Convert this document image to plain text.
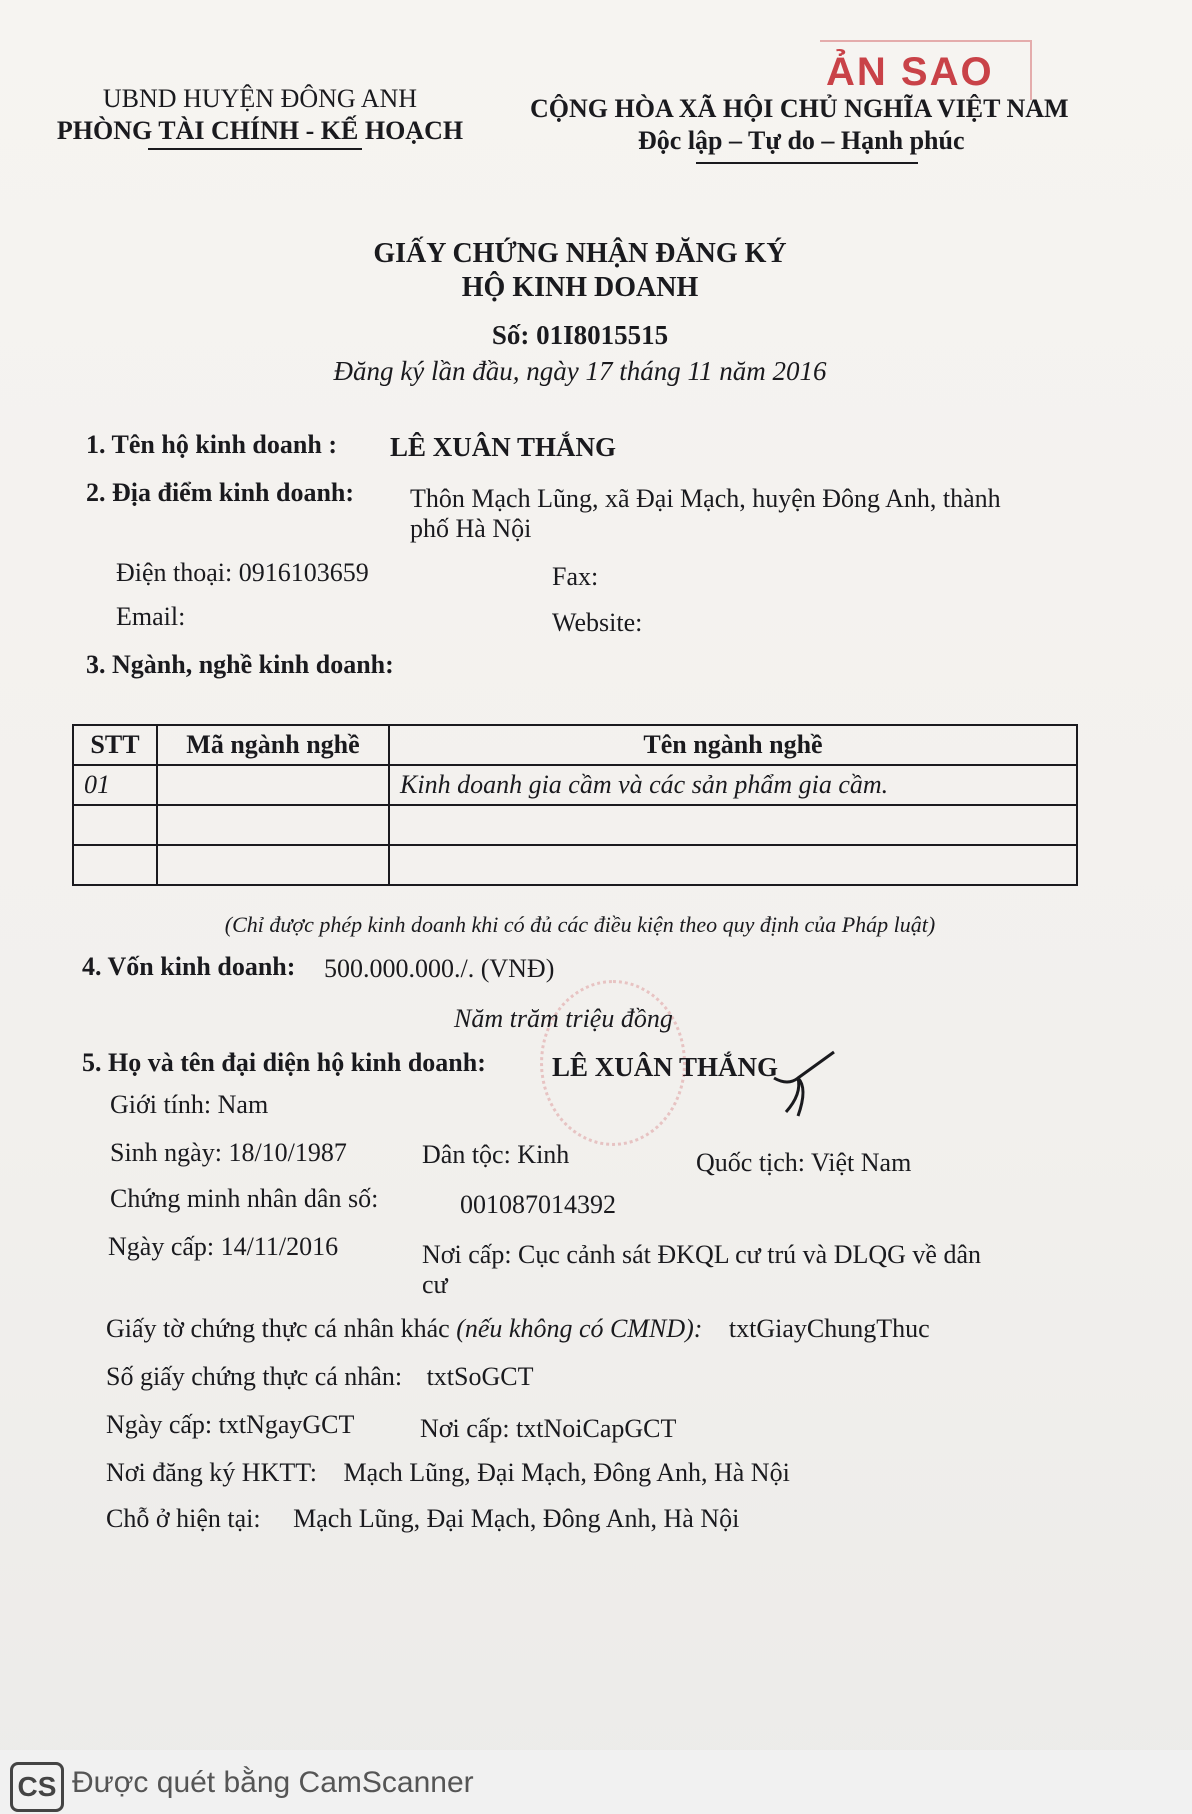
UBND HUYỆN ĐÔNG ANH
PHÒNG TÀI CHÍNH - KẾ HOẠCH
CỘNG HÒA XÃ HỘI CHỦ NGHĨA VIỆT NAM
Độc lập – Tự do – Hạnh phúc
ẢN SAO
GIẤY CHỨNG NHẬN ĐĂNG KÝ
HỘ KINH DOANH
Số: 01I8015515
Đăng ký lần đầu, ngày 17 tháng 11 năm 2016
1. Tên hộ kinh doanh : LÊ XUÂN THẮNG
2. Địa điểm kinh doanh: Thôn Mạch Lũng, xã Đại Mạch, huyện Đông Anh, thành
phố Hà Nội
Điện thoại: 0916103659	Fax:
Email:	Website:
3. Ngành, nghề kinh doanh:
STT	Mã ngành nghề	Tên ngành nghề
01		Kinh doanh gia cầm và các sản phẩm gia cầm.

(Chỉ được phép kinh doanh khi có đủ các điều kiện theo quy định của Pháp luật)
4. Vốn kinh doanh: 500.000.000./. (VNĐ)
Năm trăm triệu đồng
5. Họ và tên đại diện hộ kinh doanh: LÊ XUÂN THẮNG
Giới tính: Nam
Sinh ngày: 18/10/1987	Dân tộc: Kinh	Quốc tịch: Việt Nam
Chứng minh nhân dân số:	001087014392
Ngày cấp: 14/11/2016	Nơi cấp: Cục cảnh sát ĐKQL cư trú và DLQG về dân
cư
Giấy tờ chứng thực cá nhân khác (nếu không có CMND): txtGiayChungThuc
Số giấy chứng thực cá nhân: txtSoGCT
Ngày cấp: txtNgayGCT	Nơi cấp: txtNoiCapGCT
Nơi đăng ký HKTT: Mạch Lũng, Đại Mạch, Đông Anh, Hà Nội
Chỗ ở hiện tại: Mạch Lũng, Đại Mạch, Đông Anh, Hà Nội
CS Được quét bằng CamScanner
